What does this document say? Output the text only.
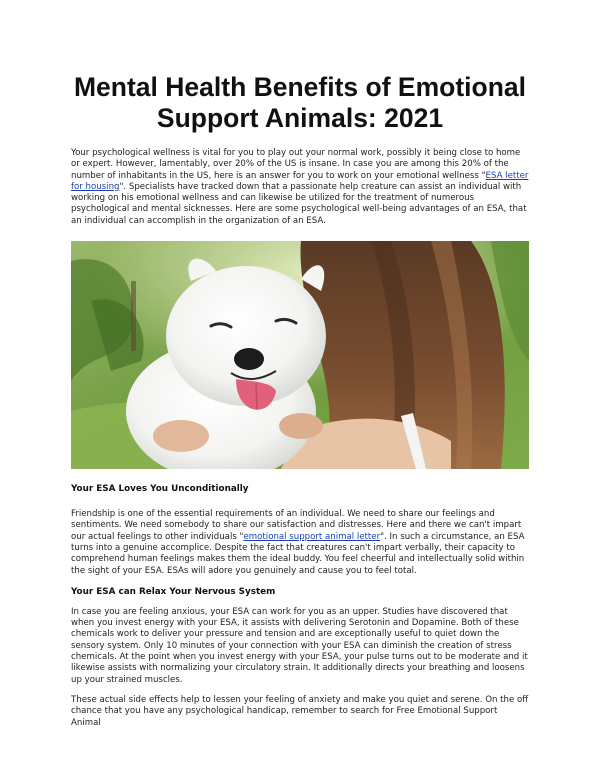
Mental Health Benefits of Emotional Support Animals: 2021

Your psychological wellness is vital for you to play out your normal work, possibly it being close to home or expert. However, lamentably, over 20% of the US is insane. In case you are among this 20% of the number of inhabitants in the US, here is an answer for you to work on your emotional wellness "ESA letter for housing". Specialists have tracked down that a passionate help creature can assist an individual with working on his emotional wellness and can likewise be utilized for the treatment of numerous psychological and mental sicknesses. Here are some psychological well-being advantages of an ESA, that an individual can accomplish in the organization of an ESA.

Your ESA Loves You Unconditionally

Friendship is one of the essential requirements of an individual. We need to share our feelings and sentiments. We need somebody to share our satisfaction and distresses. Here and there we can't impart our actual feelings to other individuals "emotional support animal letter". In such a circumstance, an ESA turns into a genuine accomplice. Despite the fact that creatures can't impart verbally, their capacity to comprehend human feelings makes them the ideal buddy. You feel cheerful and intellectually solid within the sight of your ESA. ESAs will adore you genuinely and cause you to feel total.

Your ESA can Relax Your Nervous System

In case you are feeling anxious, your ESA can work for you as an upper. Studies have discovered that when you invest energy with your ESA, it assists with delivering Serotonin and Dopamine. Both of these chemicals work to deliver your pressure and tension and are exceptionally useful to quiet down the sensory system. Only 10 minutes of your connection with your ESA can diminish the creation of stress chemicals. At the point when you invest energy with your ESA, your pulse turns out to be moderate and it likewise assists with normalizing your circulatory strain. It additionally directs your breathing and loosens up your strained muscles.

These actual side effects help to lessen your feeling of anxiety and make you quiet and serene. On the off chance that you have any psychological handicap, remember to search for Free Emotional Support Animal
